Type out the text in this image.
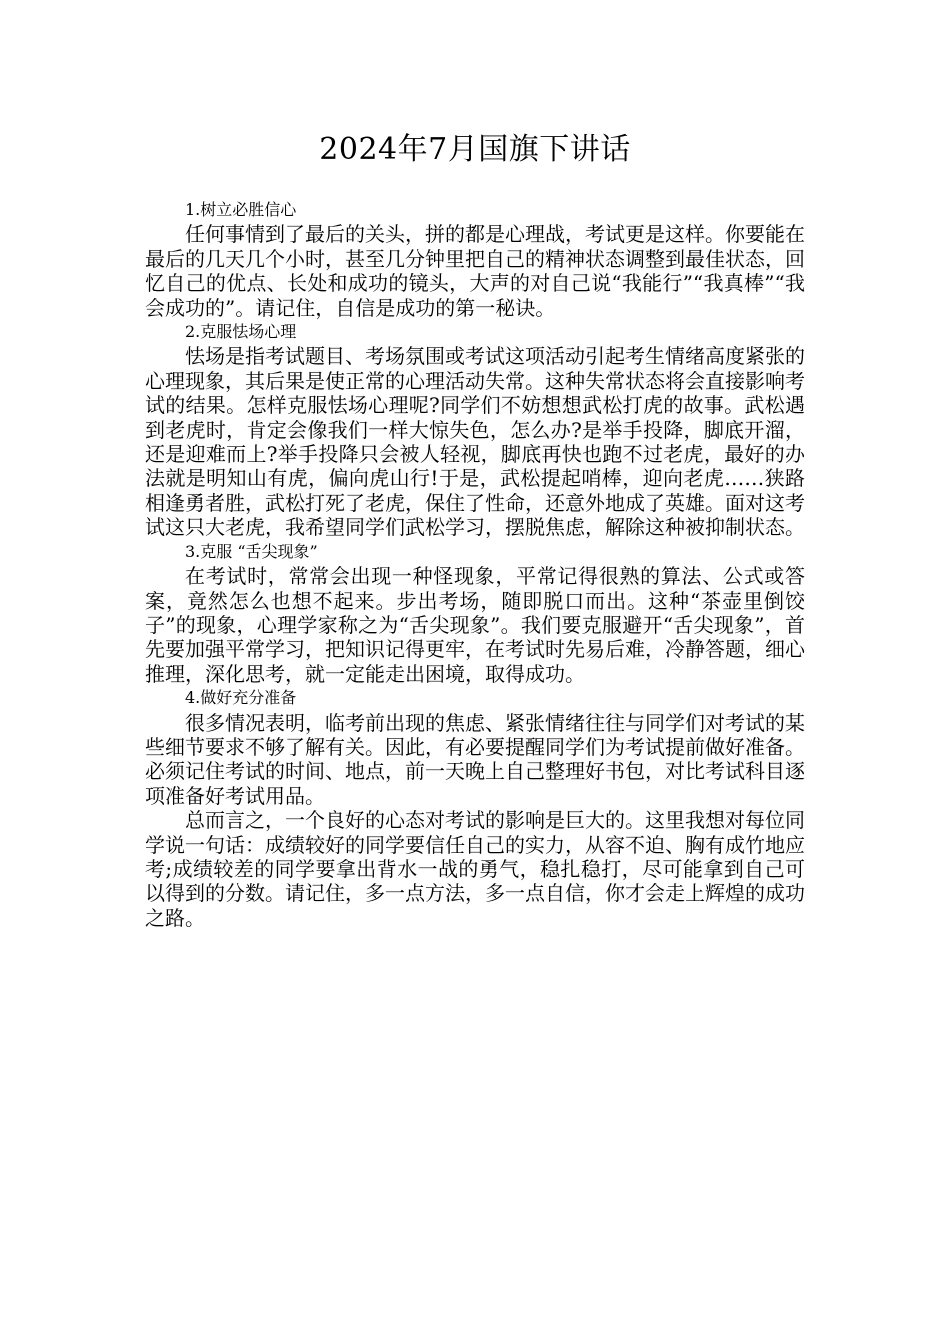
2024年7月国旗下讲话

1.树立必胜信心

任何事情到了最后的关头，拼的都是心理战，考试更是这样。你要能在最后的几天几个小时，甚至几分钟里把自己的精神状态调整到最佳状态，回忆自己的优点、长处和成功的镜头，大声的对自己说“我能行”“我真棒”“我会成功的”。请记住，自信是成功的第一秘诀。

2.克服怯场心理

怯场是指考试题目、考场氛围或考试这项活动引起考生情绪高度紧张的心理现象，其后果是使正常的心理活动失常。这种失常状态将会直接影响考试的结果。怎样克服怯场心理呢?同学们不妨想想武松打虎的故事。武松遇到老虎时，肯定会像我们一样大惊失色，怎么办?是举手投降，脚底开溜，还是迎难而上?举手投降只会被人轻视，脚底再快也跑不过老虎，最好的办法就是明知山有虎，偏向虎山行!于是，武松提起哨棒，迎向老虎……狭路相逢勇者胜，武松打死了老虎，保住了性命，还意外地成了英雄。面对这考试这只大老虎，我希望同学们武松学习，摆脱焦虑，解除这种被抑制状态。

3.克服 “舌尖现象”

在考试时，常常会出现一种怪现象，平常记得很熟的算法、公式或答案，竟然怎么也想不起来。步出考场，随即脱口而出。这种“茶壶里倒饺子”的现象，心理学家称之为“舌尖现象”。我们要克服避开“舌尖现象”，首先要加强平常学习，把知识记得更牢，在考试时先易后难，冷静答题，细心推理，深化思考，就一定能走出困境，取得成功。

4.做好充分准备

很多情况表明，临考前出现的焦虑、紧张情绪往往与同学们对考试的某些细节要求不够了解有关。因此，有必要提醒同学们为考试提前做好准备。必须记住考试的时间、地点，前一天晚上自己整理好书包，对比考试科目逐项准备好考试用品。

总而言之，一个良好的心态对考试的影响是巨大的。这里我想对每位同学说一句话：成绩较好的同学要信任自己的实力，从容不迫、胸有成竹地应考;成绩较差的同学要拿出背水一战的勇气，稳扎稳打，尽可能拿到自己可以得到的分数。请记住，多一点方法，多一点自信，你才会走上辉煌的成功之路。
